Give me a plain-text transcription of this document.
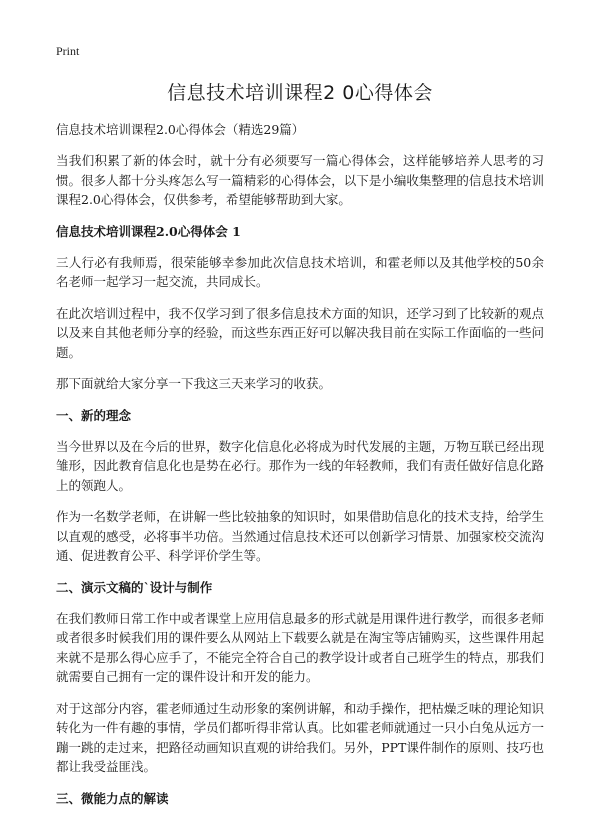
Print
信息技术培训课程2 0心得体会
信息技术培训课程2.0心得体会（精选29篇）

当我们积累了新的体会时，就十分有必须要写一篇心得体会，这样能够培养人思考的习惯。很多人都十分头疼怎么写一篇精彩的心得体会，以下是小编收集整理的信息技术培训课程2.0心得体会，仅供参考，希望能够帮助到大家。

信息技术培训课程2.0心得体会 1

三人行必有我师焉，很荣能够幸参加此次信息技术培训，和霍老师以及其他学校的50余名老师一起学习一起交流，共同成长。

在此次培训过程中，我不仅学习到了很多信息技术方面的知识，还学习到了比较新的观点以及来自其他老师分享的经验，而这些东西正好可以解决我目前在实际工作面临的一些问题。

那下面就给大家分享一下我这三天来学习的收获。

一、新的理念

当今世界以及在今后的世界，数字化信息化必将成为时代发展的主题，万物互联已经出现雏形，因此教育信息化也是势在必行。那作为一线的年轻教师，我们有责任做好信息化路上的领跑人。

作为一名数学老师，在讲解一些比较抽象的知识时，如果借助信息化的技术支持，给学生以直观的感受，必将事半功倍。当然通过信息技术还可以创新学习情景、加强家校交流沟通、促进教育公平、科学评价学生等。

二、演示文稿的`设计与制作

在我们教师日常工作中或者课堂上应用信息最多的形式就是用课件进行教学，而很多老师或者很多时候我们用的课件要么从网站上下载要么就是在淘宝等店铺购买，这些课件用起来就不是那么得心应手了，不能完全符合自己的教学设计或者自己班学生的特点，那我们就需要自己拥有一定的课件设计和开发的能力。

对于这部分内容，霍老师通过生动形象的案例讲解，和动手操作，把枯燥乏味的理论知识转化为一件有趣的事情，学员们都听得非常认真。比如霍老师就通过一只小白兔从远方一蹦一跳的走过来，把路径动画知识直观的讲给我们。另外，PPT课件制作的原则、技巧也都让我受益匪浅。

三、微能力点的解读
